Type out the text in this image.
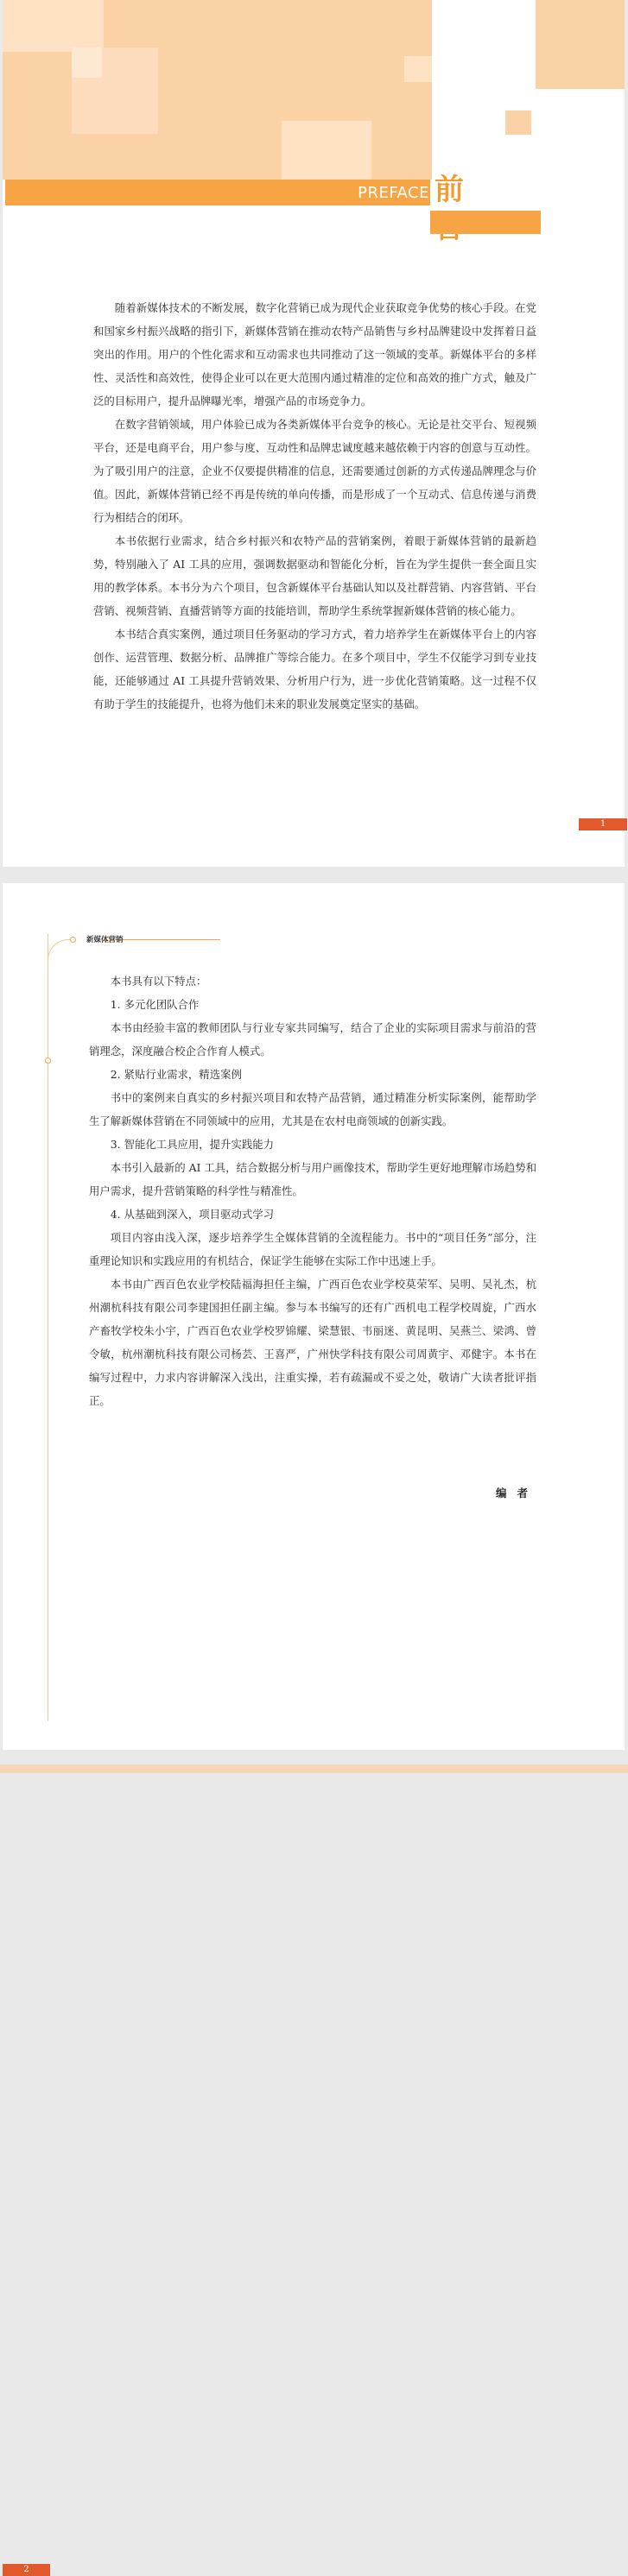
PREFACE 前

随着新媒体技术的不断发展，数字化营销已成为现代企业获取竞争优势的核心手段。在党和国家乡村振兴战略的指引下，新媒体营销在推动农特产品销售与乡村品牌建设中发挥着日益突出的作用。用户的个性化需求和互动需求也共同推动了这一领域的变革。新媒体平台的多样性、灵活性和高效性，使得企业可以在更大范围内通过精准的定位和高效的推广方式，触及广泛的目标用户，提升品牌曝光率，增强产品的市场竞争力。

在数字营销领域，用户体验已成为各类新媒体平台竞争的核心。无论是社交平台、短视频平台，还是电商平台，用户参与度、互动性和品牌忠诚度越来越依赖于内容的创意与互动性。为了吸引用户的注意，企业不仅要提供精准的信息，还需要通过创新的方式传递品牌理念与价值。因此，新媒体营销已经不再是传统的单向传播，而是形成了一个互动式、信息传递与消费行为相结合的闭环。

本书依据行业需求，结合乡村振兴和农特产品的营销案例，着眼于新媒体营销的最新趋势，特别融入了 AI 工具的应用，强调数据驱动和智能化分析，旨在为学生提供一套全面且实用的教学体系。本书分为六个项目，包含新媒体平台基础认知以及社群营销、内容营销、平台营销、视频营销、直播营销等方面的技能培训，帮助学生系统掌握新媒体营销的核心能力。

本书结合真实案例，通过项目任务驱动的学习方式，着力培养学生在新媒体平台上的内容创作、运营管理、数据分析、品牌推广等综合能力。在多个项目中，学生不仅能学习到专业技能，还能够通过 AI 工具提升营销效果、分析用户行为，进一步优化营销策略。这一过程不仅有助于学生的技能提升，也将为他们未来的职业发展奠定坚实的基础。

1
新媒体营销

本书具有以下特点：

1. 多元化团队合作

本书由经验丰富的教师团队与行业专家共同编写，结合了企业的实际项目需求与前沿的营销理念，深度融合校企合作育人模式。

2. 紧贴行业需求，精选案例

书中的案例来自真实的乡村振兴项目和农特产品营销，通过精准分析实际案例，能帮助学生了解新媒体营销在不同领域中的应用，尤其是在农村电商领域的创新实践。

3. 智能化工具应用，提升实践能力

本书引入最新的 AI 工具，结合数据分析与用户画像技术，帮助学生更好地理解市场趋势和用户需求，提升营销策略的科学性与精准性。

4. 从基础到深入，项目驱动式学习

项目内容由浅入深，逐步培养学生全媒体营销的全流程能力。书中的“项目任务”部分，注重理论知识和实践应用的有机结合，保证学生能够在实际工作中迅速上手。

本书由广西百色农业学校陆福海担任主编，广西百色农业学校莫荣军、吴明、吴礼杰，杭州潮杭科技有限公司李建国担任副主编。参与本书编写的还有广西机电工程学校周旋，广西水产畜牧学校朱小宇，广西百色农业学校罗锦耀、梁慧银、韦丽迷、黄昆明、吴燕兰、梁鸿、曾令敏，杭州潮杭科技有限公司杨芸、王喜严，广州快学科技有限公司周黄宇、邓健宇。本书在编写过程中，力求内容讲解深入浅出，注重实操，若有疏漏或不妥之处，敬请广大读者批评指正。

编者
2
